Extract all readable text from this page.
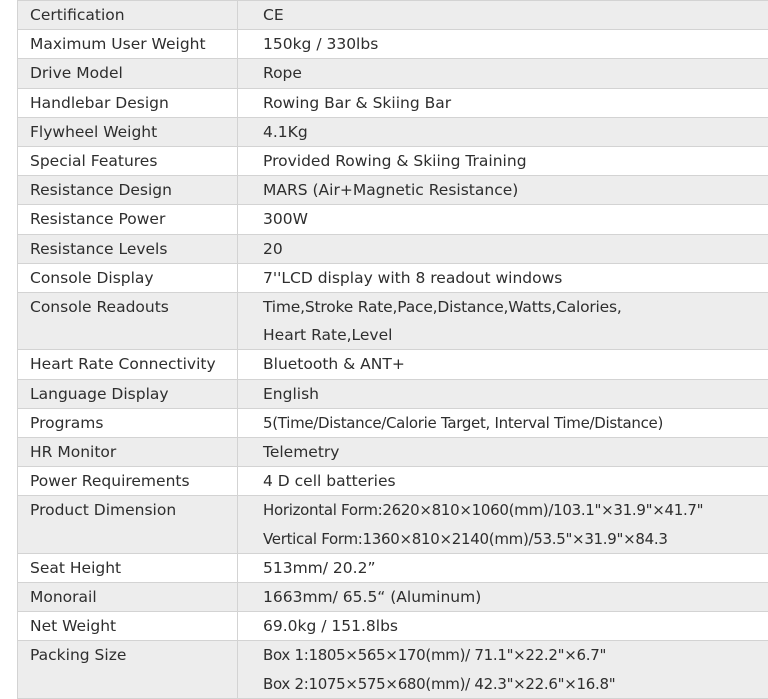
Certification	CE

Maximum User Weight	150kg / 330lbs

Drive Model	Rope

Handlebar Design	Rowing Bar & Skiing Bar

Flywheel Weight	4.1Kg

Special Features	Provided Rowing & Skiing Training

Resistance Design	MARS (Air+Magnetic Resistance)

Resistance Power	300W

Resistance Levels	20

Console Display	7''LCD display with 8 readout windows

Console Readouts	Time,Stroke Rate,Pace,Distance,Watts,Calories,
Heart Rate,Level

Heart Rate Connectivity	Bluetooth & ANT+

Language Display	English

Programs	5(Time/Distance/Calorie Target, Interval Time/Distance)

HR Monitor	Telemetry

Power Requirements	4 D cell batteries

Product Dimension	Horizontal Form:2620×810×1060(mm)/103.1"×31.9"×41.7"
Vertical Form:1360×810×2140(mm)/53.5"×31.9"×84.3

Seat Height	513mm/ 20.2”

Monorail	1663mm/ 65.5“ (Aluminum)

Net Weight	69.0kg / 151.8lbs

Packing Size	Box 1:1805×565×170(mm)/ 71.1"×22.2"×6.7"
Box 2:1075×575×680(mm)/ 42.3"×22.6"×16.8"
